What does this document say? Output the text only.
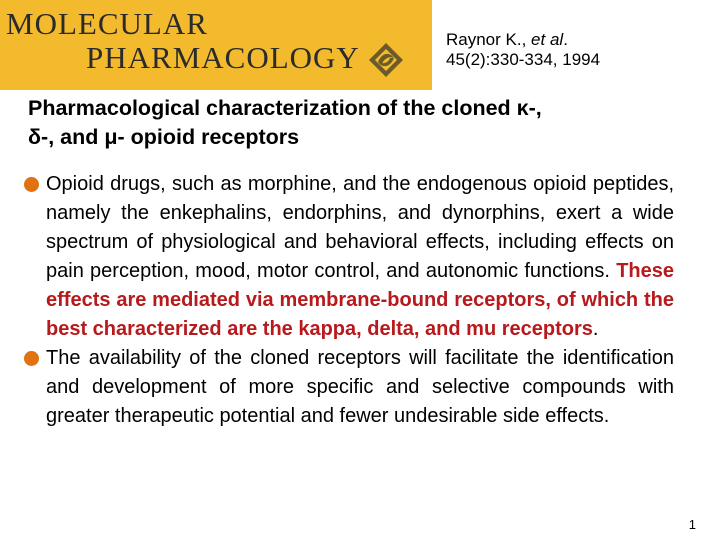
MOLECULAR
PHARMACOLOGY
Raynor K., et al.
45(2):330-334, 1994
Pharmacological characterization of the cloned κ-,
δ-, and μ- opioid receptors

Opioid drugs, such as morphine, and the endogenous opioid peptides, namely the enkephalins, endorphins, and dynorphins, exert a wide spectrum of physiological and behavioral effects, including effects on pain perception, mood, motor control, and autonomic functions. These effects are mediated via membrane-bound receptors, of which the best characterized are the kappa, delta, and mu receptors.

The availability of the cloned receptors will facilitate the identification and development of more specific and selective compounds with greater therapeutic potential and fewer undesirable side effects.

1
